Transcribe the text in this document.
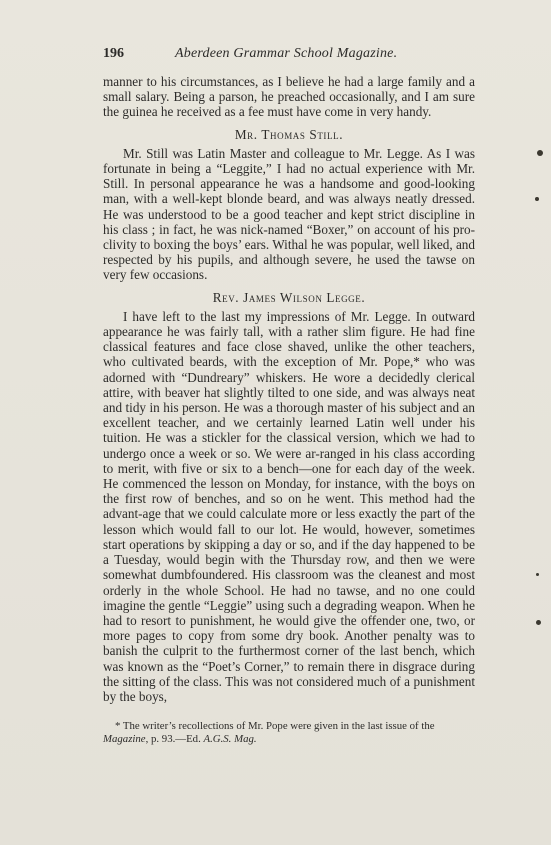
196	Aberdeen Grammar School Magazine.

manner to his circumstances, as I believe he had a large family and a small salary. Being a parson, he preached occasionally, and I am sure the guinea he received as a fee must have come in very handy.

Mr. Thomas Still.

Mr. Still was Latin Master and colleague to Mr. Legge. As I was fortunate in being a “Leggite,” I had no actual experience with Mr. Still. In personal appearance he was a handsome and good-looking man, with a well-kept blonde beard, and was always neatly dressed. He was understood to be a good teacher and kept strict discipline in his class ; in fact, he was nick-named “Boxer,” on account of his pro-clivity to boxing the boys’ ears. Withal he was popular, well liked, and respected by his pupils, and although severe, he used the tawse on very few occasions.

Rev. James Wilson Legge.

I have left to the last my impressions of Mr. Legge. In outward appearance he was fairly tall, with a rather slim figure. He had fine classical features and face close shaved, unlike the other teachers, who cultivated beards, with the exception of Mr. Pope,* who was adorned with “Dundreary” whiskers. He wore a decidedly clerical attire, with beaver hat slightly tilted to one side, and was always neat and tidy in his person. He was a thorough master of his subject and an excellent teacher, and we certainly learned Latin well under his tuition. He was a stickler for the classical version, which we had to undergo once a week or so. We were ar-ranged in his class according to merit, with five or six to a bench—one for each day of the week. He commenced the lesson on Monday, for instance, with the boys on the first row of benches, and so on he went. This method had the advant-age that we could calculate more or less exactly the part of the lesson which would fall to our lot. He would, however, sometimes start operations by skipping a day or so, and if the day happened to be a Tuesday, would begin with the Thursday row, and then we were somewhat dumbfoundered. His classroom was the cleanest and most orderly in the whole School. He had no tawse, and no one could imagine the gentle “Leggie” using such a degrading weapon. When he had to resort to punishment, he would give the offender one, two, or more pages to copy from some dry book. Another penalty was to banish the culprit to the furthermost corner of the last bench, which was known as the “Poet’s Corner,” to remain there in disgrace during the sitting of the class. This was not considered much of a punishment by the boys,

* The writer’s recollections of Mr. Pope were given in the last issue of the Magazine, p. 93.—Ed. A.G.S. Mag.
